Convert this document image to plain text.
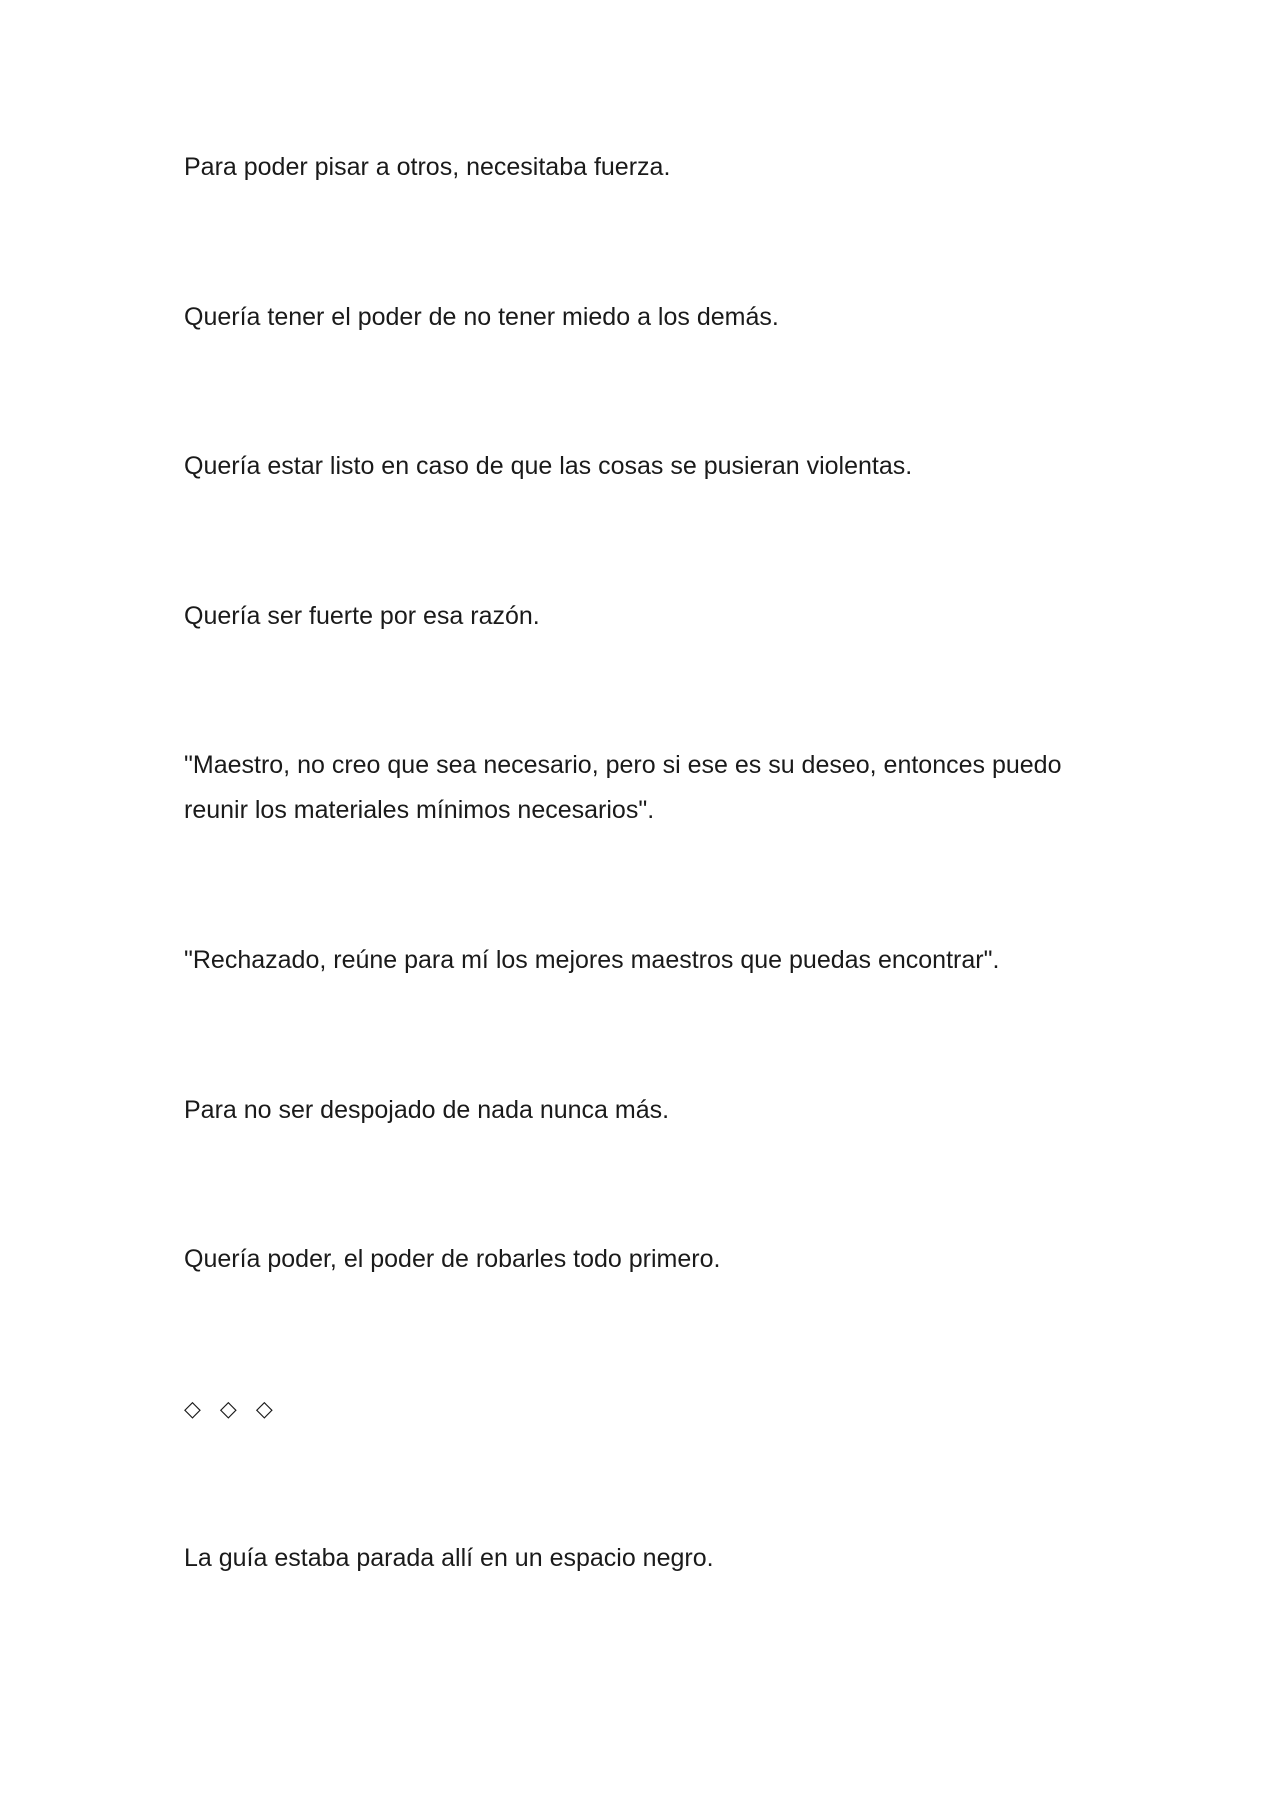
Para poder pisar a otros, necesitaba fuerza.

Quería tener el poder de no tener miedo a los demás.

Quería estar listo en caso de que las cosas se pusieran violentas.

Quería ser fuerte por esa razón.

"Maestro, no creo que sea necesario, pero si ese es su deseo, entonces puedo reunir los materiales mínimos necesarios".

"Rechazado, reúne para mí los mejores maestros que puedas encontrar".

Para no ser despojado de nada nunca más.

Quería poder, el poder de robarles todo primero.

◇ ◇ ◇

La guía estaba parada allí en un espacio negro.
